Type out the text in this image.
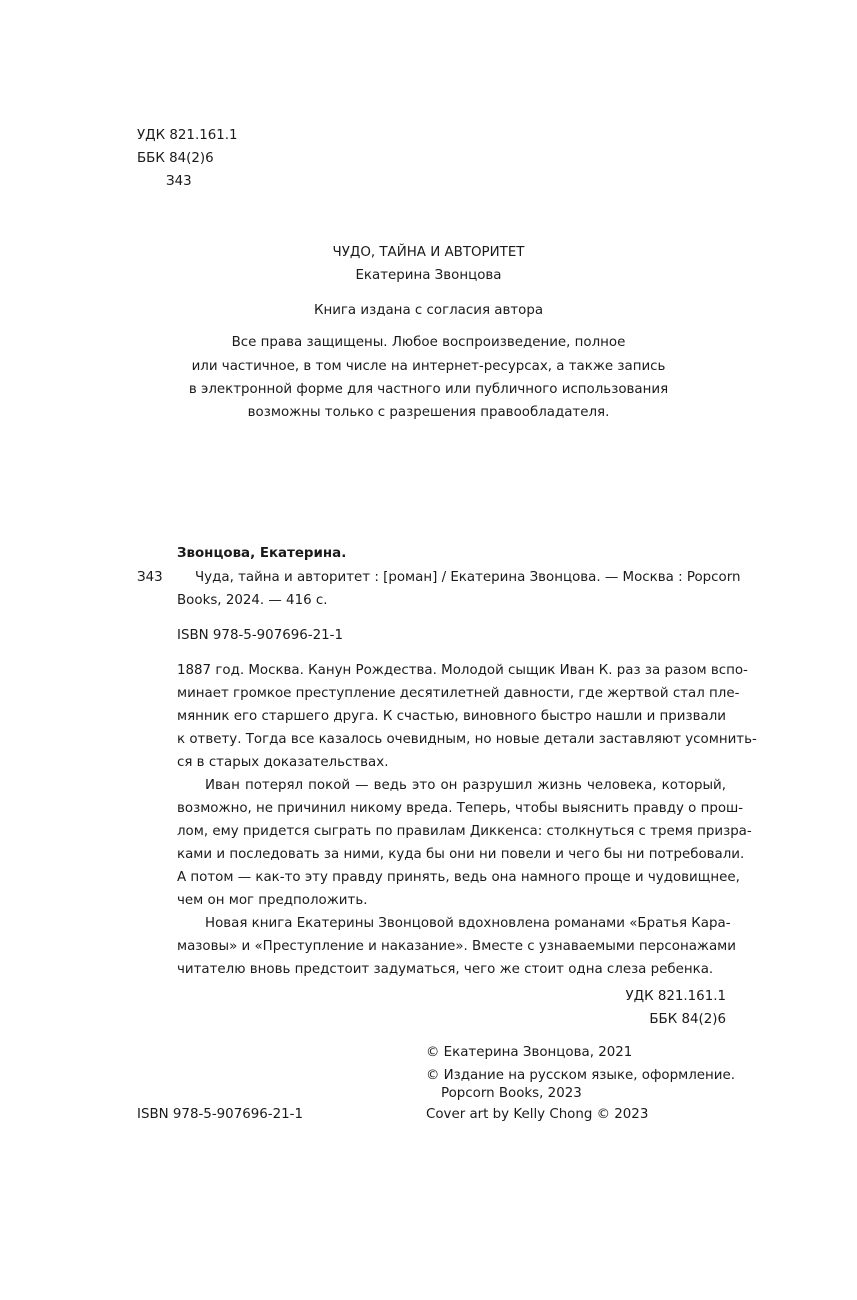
УДК 821.161.1
ББК 84(2)6
З43
ЧУДО, ТАЙНА И АВТОРИТЕТ
Екатерина Звонцова
Книга издана с согласия автора
Все права защищены. Любое воспроизведение, полное
или частичное, в том числе на интернет-ресурсах, а также запись
в электронной форме для частного или публичного использования
возможны только с разрешения правообладателя.
Звонцова, Екатерина.
З43 Чуда, тайна и авторитет : [роман] / Екатерина Звонцова. — Москва : Popcorn
Books, 2024. — 416 с.
ISBN 978-5-907696-21-1
1887 год. Москва. Канун Рождества. Молодой сыщик Иван К. раз за разом вспо-
минает громкое преступление десятилетней давности, где жертвой стал пле-
мянник его старшего друга. К счастью, виновного быстро нашли и призвали
к ответу. Тогда все казалось очевидным, но новые детали заставляют усомнить-
ся в старых доказательствах.
Иван потерял покой — ведь это он разрушил жизнь человека, который,
возможно, не причинил никому вреда. Теперь, чтобы выяснить правду о прош-
лом, ему придется сыграть по правилам Диккенса: столкнуться с тремя призра-
ками и последовать за ними, куда бы они ни повели и чего бы ни потребовали.
А потом — как-то эту правду принять, ведь она намного проще и чудовищнее,
чем он мог предположить.
Новая книга Екатерины Звонцовой вдохновлена романами «Братья Кара-
мазовы» и «Преступление и наказание». Вместе с узнаваемыми персонажами
читателю вновь предстоит задуматься, чего же стоит одна слеза ребенка.
УДК 821.161.1
ББК 84(2)6
© Екатерина Звонцова, 2021
© Издание на русском языке, оформление.
Popcorn Books, 2023
ISBN 978-5-907696-21-1	Cover art by Kelly Chong © 2023
